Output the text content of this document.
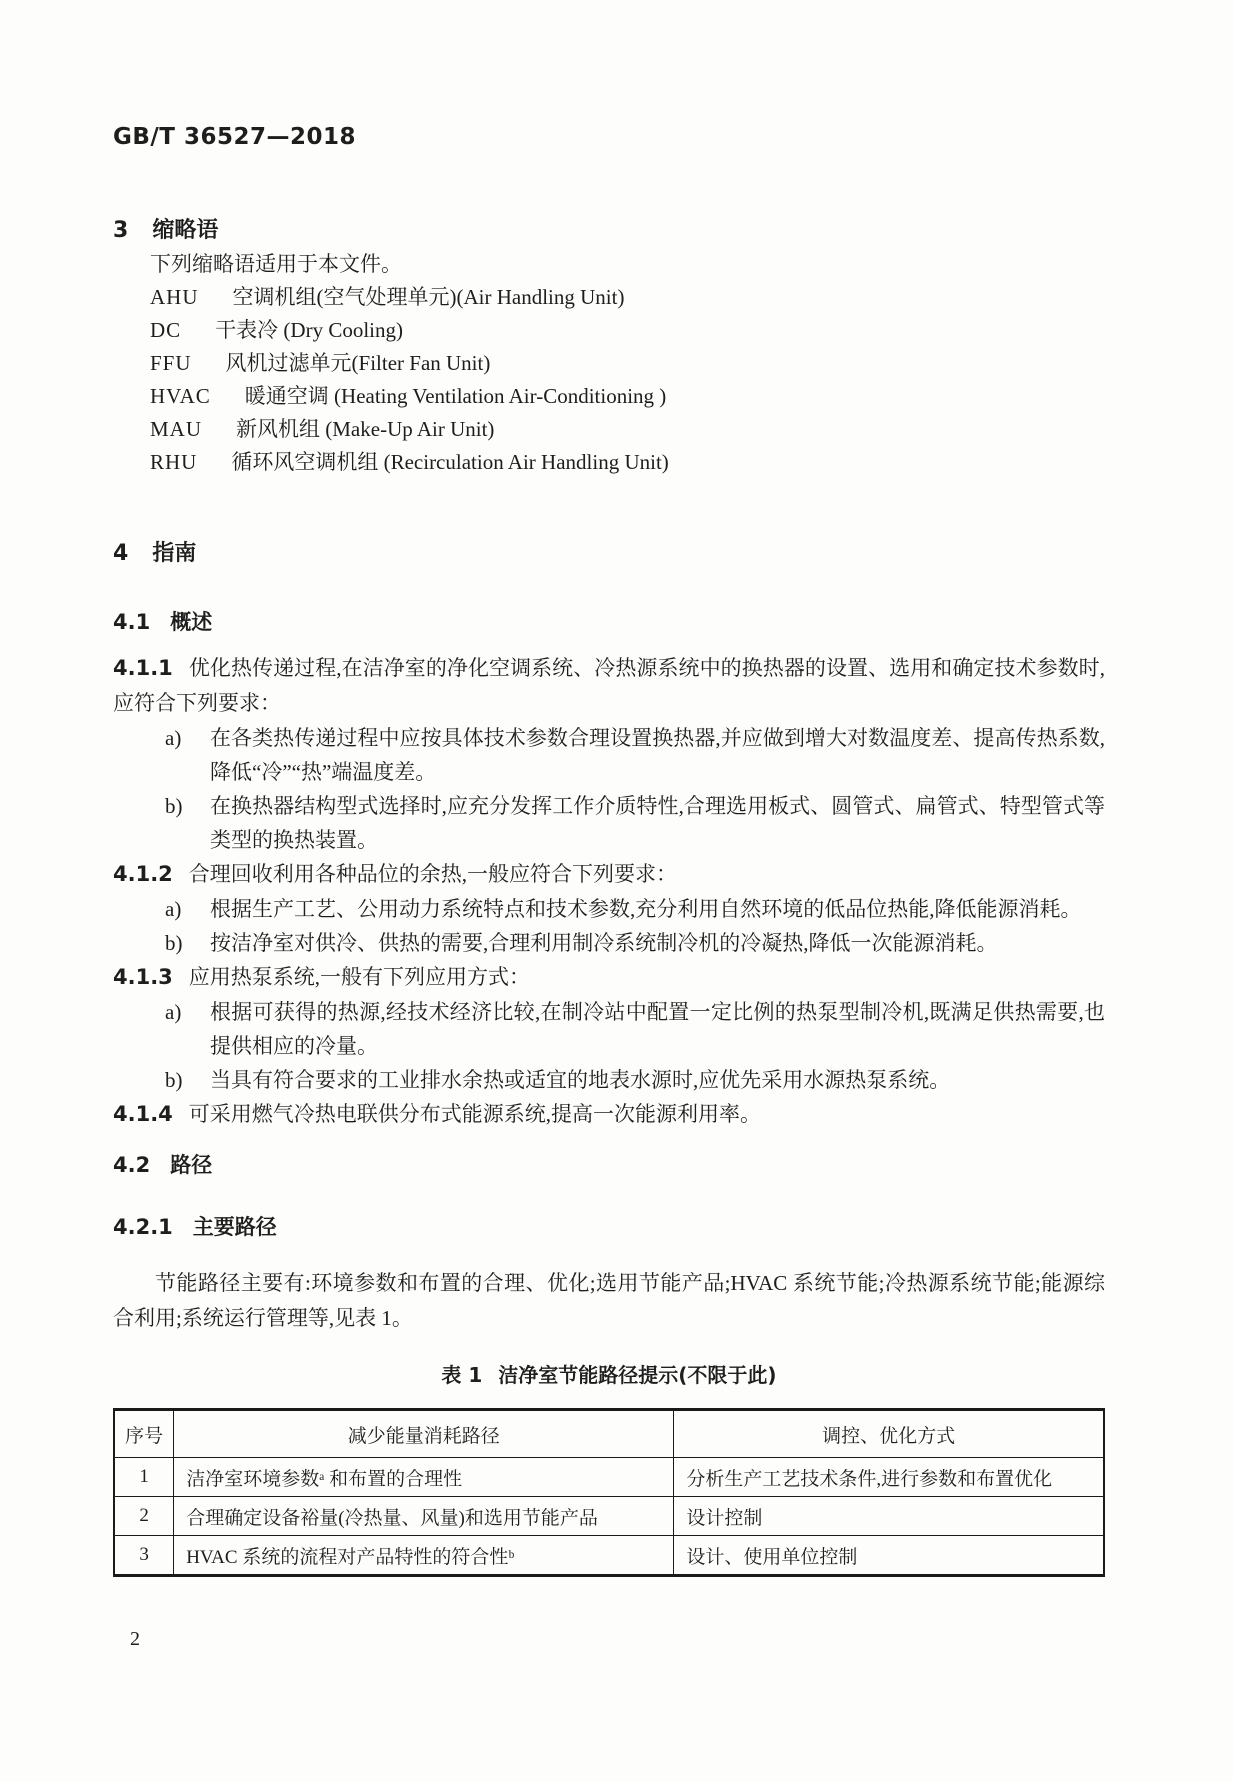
GB/T 36527—2018
3 缩略语

下列缩略语适用于本文件。

AHU 空调机组(空气处理单元)(Air Handling Unit)
DC 干表冷 (Dry Cooling)
FFU 风机过滤单元(Filter Fan Unit)
HVAC 暖通空调 (Heating Ventilation Air-Conditioning )
MAU 新风机组 (Make-Up Air Unit)
RHU 循环风空调机组 (Recirculation Air Handling Unit)
4 指南
4.1 概述

4.1.1 优化热传递过程,在洁净室的净化空调系统、冷热源系统中的换热器的设置、选用和确定技术参数时,应符合下列要求：

a) 在各类热传递过程中应按具体技术参数合理设置换热器,并应做到增大对数温度差、提高传热系数,降低“冷”“热”端温度差。
b) 在换热器结构型式选择时,应充分发挥工作介质特性,合理选用板式、圆管式、扁管式、特型管式等类型的换热装置。

4.1.2 合理回收利用各种品位的余热,一般应符合下列要求：

a) 根据生产工艺、公用动力系统特点和技术参数,充分利用自然环境的低品位热能,降低能源消耗。
b) 按洁净室对供冷、供热的需要,合理利用制冷系统制冷机的冷凝热,降低一次能源消耗。

4.1.3 应用热泵系统,一般有下列应用方式：

a) 根据可获得的热源,经技术经济比较,在制冷站中配置一定比例的热泵型制冷机,既满足供热需要,也提供相应的冷量。
b) 当具有符合要求的工业排水余热或适宜的地表水源时,应优先采用水源热泵系统。

4.1.4 可采用燃气冷热电联供分布式能源系统,提高一次能源利用率。

4.2 路径
4.2.1 主要路径

节能路径主要有:环境参数和布置的合理、优化;选用节能产品;HVAC 系统节能;冷热源系统节能;能源综合利用;系统运行管理等,见表 1。

表 1 洁净室节能路径提示(不限于此)
序号	减少能量消耗路径	调控、优化方式
1	洁净室环境参数ᵃ 和布置的合理性	分析生产工艺技术条件,进行参数和布置优化
2	合理确定设备裕量(冷热量、风量)和选用节能产品	设计控制
3	HVAC 系统的流程对产品特性的符合性ᵇ	设计、使用单位控制
2
